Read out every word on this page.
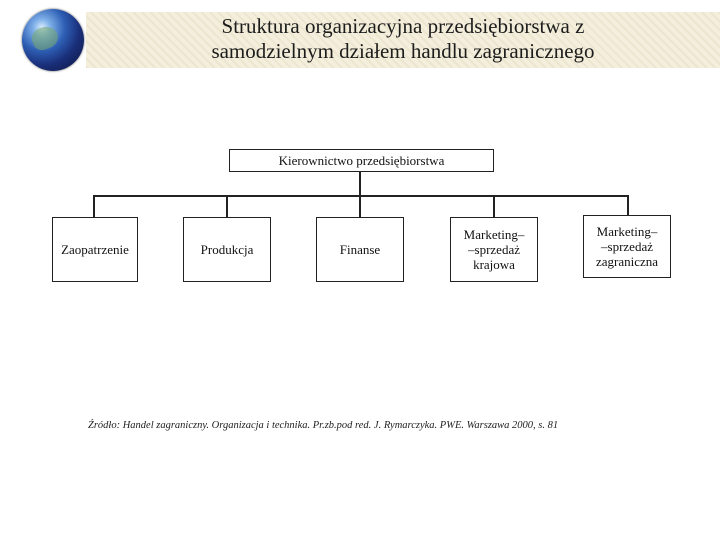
Struktura organizacyjna przedsiębiorstwa z
samodzielnym działem handlu zagranicznego
Kierownictwo przedsiębiorstwa
Zaopatrzenie	Produkcja	Finanse
Marketing–
–sprzedaż
krajowa
Marketing–
–sprzedaż
zagraniczna
Źródło: Handel zagraniczny. Organizacja i technika. Pr.zb.pod red. J. Rymarczyka. PWE. Warszawa 2000, s. 81
